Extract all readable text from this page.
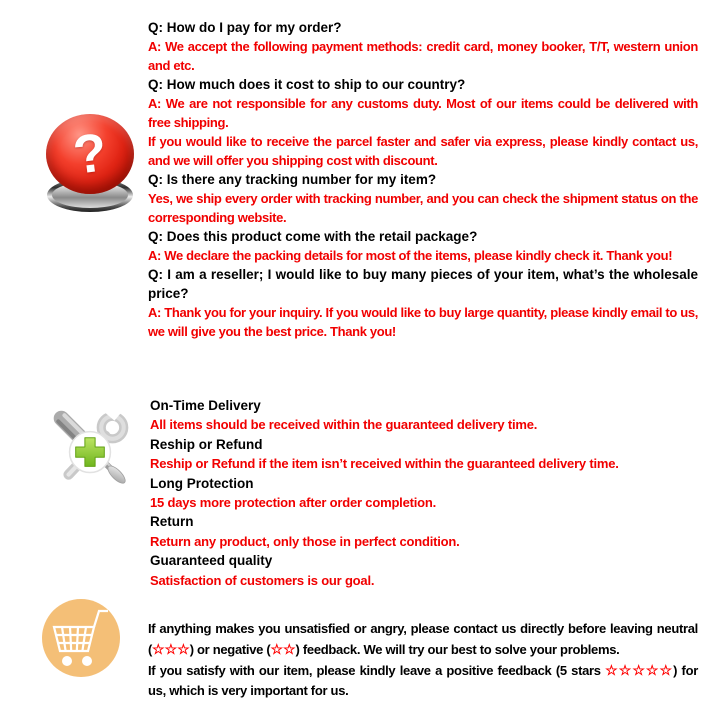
?

Q: How do I pay for my order?

A: We accept the following payment methods: credit card, money booker, T/T, western union and etc.

Q: How much does it cost to ship to our country?

A: We are not responsible for any customs duty. Most of our items could be delivered with free shipping.

If you would like to receive the parcel faster and safer via express, please kindly contact us, and we will offer you shipping cost with discount.

Q: Is there any tracking number for my item?

Yes, we ship every order with tracking number, and you can check the shipment status on the corresponding website.

Q: Does this product come with the retail package?

A: We declare the packing details for most of the items, please kindly check it. Thank you!

Q: I am a reseller; I would like to buy many pieces of your item, what’s the wholesale price?

A: Thank you for your inquiry. If you would like to buy large quantity, please kindly email to us, we will give you the best price. Thank you!

On-Time Delivery

All items should be received within the guaranteed delivery time.

Reship or Refund

Reship or Refund if the item isn’t received within the guaranteed delivery time.

Long Protection

15 days more protection after order completion.

Return

Return any product, only those in perfect condition.

Guaranteed quality

Satisfaction of customers is our goal.

If anything makes you unsatisfied or angry, please contact us directly before leaving neutral (☆☆☆) or negative (☆☆) feedback. We will try our best to solve your problems.

If you satisfy with our item, please kindly leave a positive feedback (5 stars ☆☆☆☆☆) for us, which is very important for us.
